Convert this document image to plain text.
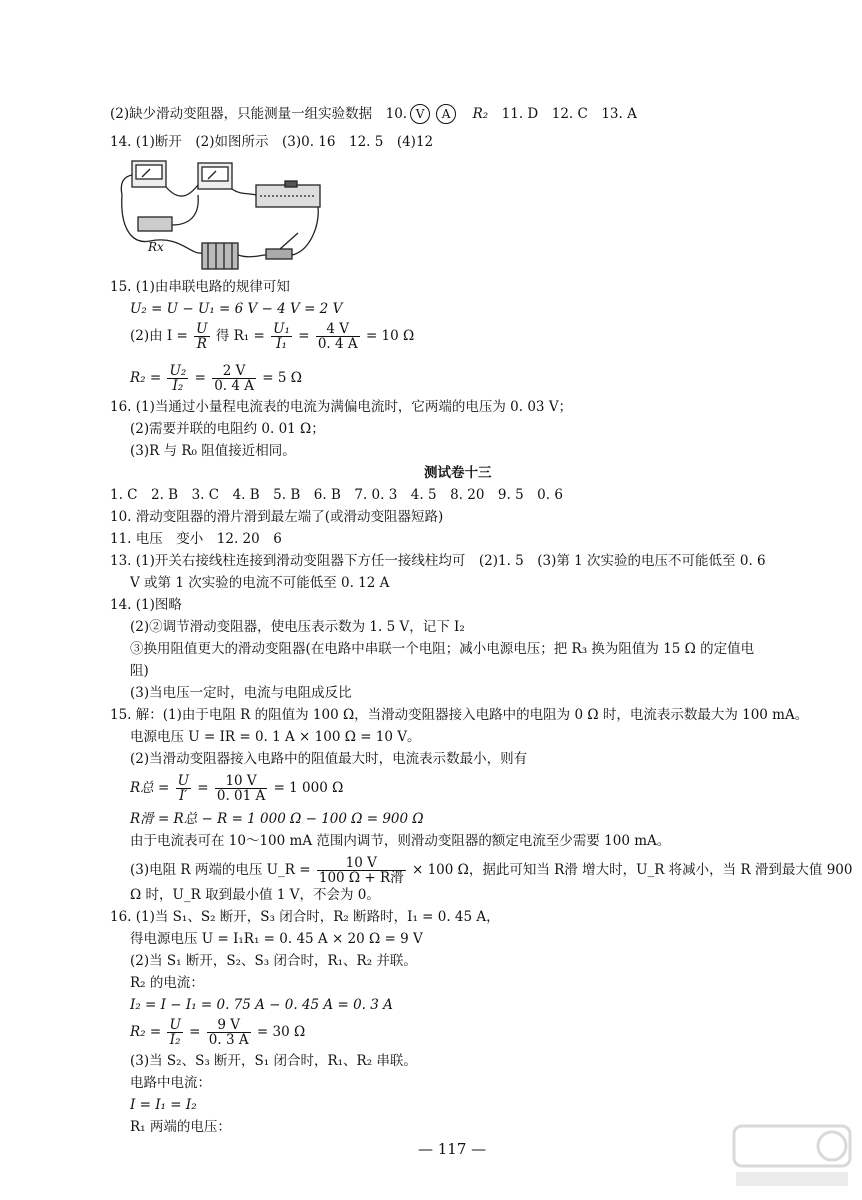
(2)缺少滑动变阻器，只能测量一组实验数据　10. V A　 R₂　11. D　12. C　13. A
14. (1)断开　(2)如图所示　(3)0. 16　12. 5　(4)12
Rx
15. (1)由串联电路的规律可知
U₂ = U − U₁ = 6 V − 4 V = 2 V
(2)由 $I = \frac{U}{R}$ 得 $R_1 = \frac{\text{U₁}}{\text{I₁}} = \frac{4 V}{0. 4 A} = 10$ Ω
$R_2 = \frac{\text{U₂}}{\text{I₂}} = \frac{2 V}{0. 4 A} = 5$ Ω
16. (1)当通过小量程电流表的电流为满偏电流时，它两端的电压为 0. 03 V；
(2)需要并联的电阻约 0. 01 Ω；
(3)R 与 R₀ 阻值接近相同。
测试卷十三
1. C　2. B　3. C　4. B　5. B　6. B　7. 0. 3　4. 5　8. 20　9. 5　0. 6
10. 滑动变阻器的滑片滑到最左端了(或滑动变阻器短路)
11. 电压　变小　12. 20　6
13. (1)开关右接线柱连接到滑动变阻器下方任一接线柱均可　(2)1. 5　(3)第 1 次实验的电压不可能低至 0. 6
V 或第 1 次实验的电流不可能低至 0. 12 A
14. (1)图略
(2)②调节滑动变阻器，使电压表示数为 1. 5 V，记下 I₂
③换用阻值更大的滑动变阻器(在电路中串联一个电阻；减小电源电压；把 R₃ 换为阻值为 15 Ω 的定值电
阻)
(3)当电压一定时，电流与电阻成反比
15. 解：(1)由于电阻 R 的阻值为 100 Ω，当滑动变阻器接入电路中的电阻为 0 Ω 时，电流表示数最大为 100 mA。
电源电压 U = IR = 0. 1 A × 100 Ω = 10 V。
(2)当滑动变阻器接入电路中的阻值最大时，电流表示数最小，则有
R总 = $\frac{U}{I'} = \frac{10 V}{0. 01 A} = 1$ 000 Ω
R滑 = R总 − R = 1 000 Ω − 100 Ω = 900 Ω
由于电流表可在 10～100 mA 范围内调节，则滑动变阻器的额定电流至少需要 100 mA。
(3)电阻 R 两端的电压 U_R = $\frac{10 V}{\text{100 Ω + R滑}} \times 100$ Ω，据此可知当 R滑 增大时，U_R 将减小，当 R 滑到最大值 900
Ω 时，U_R 取到最小值 1 V，不会为 0。
16. (1)当 S₁、S₂ 断开，S₃ 闭合时，R₂ 断路时，I₁ = 0. 45 A，
得电源电压 U = I₁R₁ = 0. 45 A × 20 Ω = 9 V
(2)当 S₁ 断开，S₂、S₃ 闭合时，R₁、R₂ 并联。
R₂ 的电流：
I₂ = I − I₁ = 0. 75 A − 0. 45 A = 0. 3 A
$R_2 = \frac{U}{\text{I₂}} = \frac{9 V}{0. 3 A} = 30$ Ω
(3)当 S₂、S₃ 断开，S₁ 闭合时，R₁、R₂ 串联。
电路中电流：
I = I₁ = I₂
R₁ 两端的电压：
— 117 —
